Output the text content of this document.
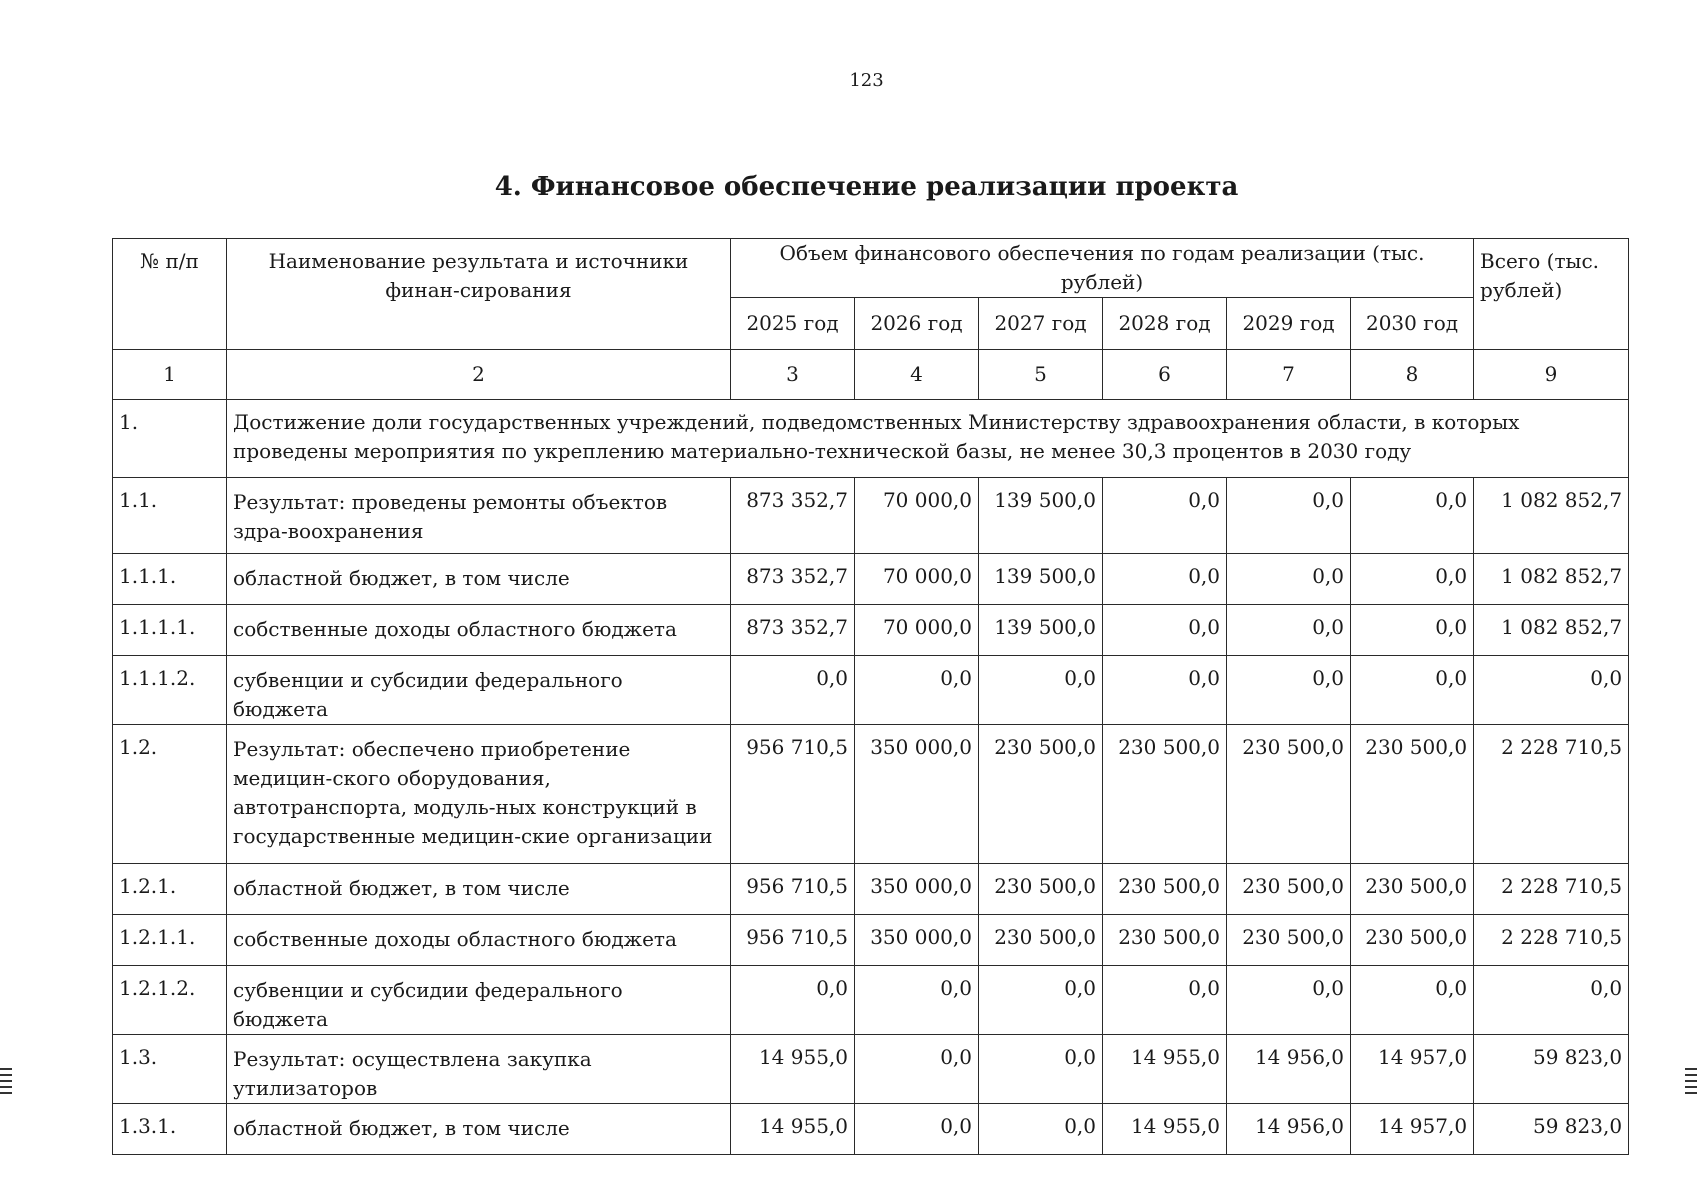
123
4. Финансовое обеспечение реализации проекта
№ п/п	Наименование результата и источники финан-сирования	Объем финансового обеспечения по годам реализации (тыс. рублей)						Всего (тыс. рублей)
		2025 год	2026 год	2027 год	2028 год	2029 год	2030 год	
1	2	3	4	5	6	7	8	9
1.	Достижение доли государственных учреждений, подведомственных Министерству здравоохранения области, в которых проведены мероприятия по укреплению материально-технической базы, не менее 30,3 процентов в 2030 году							
1.1.	Результат: проведены ремонты объектов здра-воохранения	873 352,7	70 000,0	139 500,0	0,0	0,0	0,0	1 082 852,7
1.1.1.	областной бюджет, в том числе	873 352,7	70 000,0	139 500,0	0,0	0,0	0,0	1 082 852,7
1.1.1.1.	собственные доходы областного бюджета	873 352,7	70 000,0	139 500,0	0,0	0,0	0,0	1 082 852,7
1.1.1.2.	субвенции и субсидии федерального бюджета	0,0	0,0	0,0	0,0	0,0	0,0	0,0
1.2.	Результат: обеспечено приобретение медицин-ского оборудования, автотранспорта, модуль-ных конструкций в государственные медицин-ские организации	956 710,5	350 000,0	230 500,0	230 500,0	230 500,0	230 500,0	2 228 710,5
1.2.1.	областной бюджет, в том числе	956 710,5	350 000,0	230 500,0	230 500,0	230 500,0	230 500,0	2 228 710,5
1.2.1.1.	собственные доходы областного бюджета	956 710,5	350 000,0	230 500,0	230 500,0	230 500,0	230 500,0	2 228 710,5
1.2.1.2.	субвенции и субсидии федерального бюджета	0,0	0,0	0,0	0,0	0,0	0,0	0,0
1.3.	Результат: осуществлена закупка утилизаторов	14 955,0	0,0	0,0	14 955,0	14 956,0	14 957,0	59 823,0
1.3.1.	областной бюджет, в том числе	14 955,0	0,0	0,0	14 955,0	14 956,0	14 957,0	59 823,0
